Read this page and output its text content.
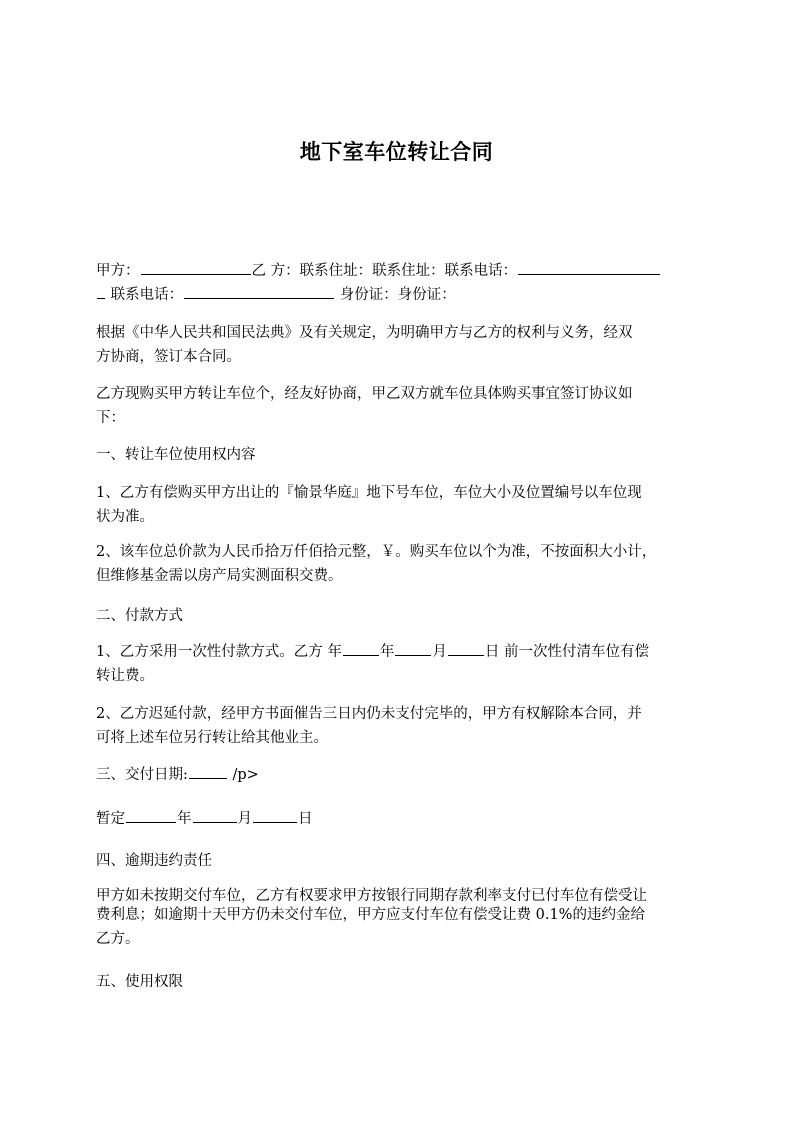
地下室车位转让合同
甲方：	乙 方：联系住址：联系住址：联系电话：
联系电话：	身份证：身份证：
根据《中华人民共和国民法典》及有关规定，为明确甲方与乙方的权利与义务，经双
方协商，签订本合同。
乙方现购买甲方转让车位个，经友好协商，甲乙双方就车位具体购买事宜签订协议如
下：
一、转让车位使用权内容
1、乙方有偿购买甲方出让的『愉景华庭』地下号车位，车位大小及位置编号以车位现
状为准。
2、该车位总价款为人民币拾万仟佰拾元整，￥。购买车位以个为准，不按面积大小计，
但维修基金需以房产局实测面积交费。
二、付款方式
1、乙方采用一次性付款方式。乙方 年	年	月	日 前一次性付清车位有偿
转让费。
2、乙方迟延付款，经甲方书面催告三日内仍未支付完毕的，甲方有权解除本合同，并
可将上述车位另行转让给其他业主。
三、交付日期:	/p>
暂定	年	月	日
四、逾期违约责任
甲方如未按期交付车位，乙方有权要求甲方按银行同期存款利率支付已付车位有偿受让
费利息；如逾期十天甲方仍未交付车位，甲方应支付车位有偿受让费 0.1%的违约金给
乙方。
五、使用权限
